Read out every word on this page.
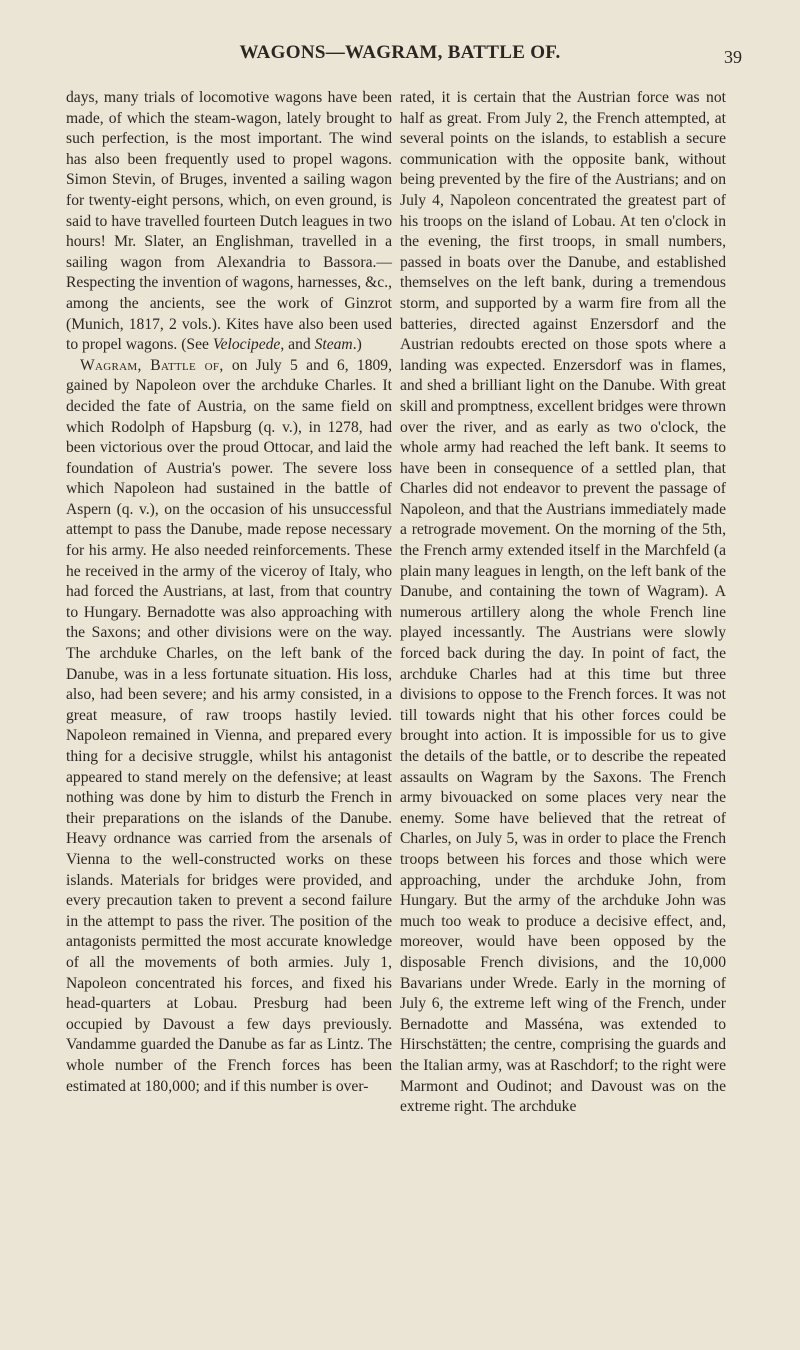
WAGONS—WAGRAM, BATTLE OF.	39

days, many trials of locomotive wagons have been made, of which the steam-wagon, lately brought to such perfection, is the most important. The wind has also been frequently used to propel wagons. Simon Stevin, of Bruges, invented a sailing wagon for twenty-eight persons, which, on even ground, is said to have travelled fourteen Dutch leagues in two hours! Mr. Slater, an Englishman, travelled in a sailing wagon from Alexandria to Bassora.—Respecting the invention of wagons, harnesses, &c., among the ancients, see the work of Ginzrot (Munich, 1817, 2 vols.). Kites have also been used to propel wagons. (See Velocipede, and Steam.)

Wagram, Battle of, on July 5 and 6, 1809, gained by Napoleon over the archduke Charles. It decided the fate of Austria, on the same field on which Rodolph of Hapsburg (q. v.), in 1278, had been victorious over the proud Ottocar, and laid the foundation of Austria's power. The severe loss which Napoleon had sustained in the battle of Aspern (q. v.), on the occasion of his unsuccessful attempt to pass the Danube, made repose necessary for his army. He also needed reinforcements. These he received in the army of the viceroy of Italy, who had forced the Austrians, at last, from that country to Hungary. Bernadotte was also approaching with the Saxons; and other divisions were on the way. The archduke Charles, on the left bank of the Danube, was in a less fortunate situation. His loss, also, had been severe; and his army consisted, in a great measure, of raw troops hastily levied. Napoleon remained in Vienna, and prepared every thing for a decisive struggle, whilst his antagonist appeared to stand merely on the defensive; at least nothing was done by him to disturb the French in their preparations on the islands of the Danube. Heavy ordnance was carried from the arsenals of Vienna to the well-constructed works on these islands. Materials for bridges were provided, and every precaution taken to prevent a second failure in the attempt to pass the river. The position of the antagonists permitted the most accurate knowledge of all the movements of both armies. July 1, Napoleon concentrated his forces, and fixed his head-quarters at Lobau. Presburg had been occupied by Davoust a few days previously. Vandamme guarded the Danube as far as Lintz. The whole number of the French forces has been estimated at 180,000; and if this number is over-

rated, it is certain that the Austrian force was not half as great. From July 2, the French attempted, at several points on the islands, to establish a secure communication with the opposite bank, without being prevented by the fire of the Austrians; and on July 4, Napoleon concentrated the greatest part of his troops on the island of Lobau. At ten o'clock in the evening, the first troops, in small numbers, passed in boats over the Danube, and established themselves on the left bank, during a tremendous storm, and supported by a warm fire from all the batteries, directed against Enzersdorf and the Austrian redoubts erected on those spots where a landing was expected. Enzersdorf was in flames, and shed a brilliant light on the Danube. With great skill and promptness, excellent bridges were thrown over the river, and as early as two o'clock, the whole army had reached the left bank. It seems to have been in consequence of a settled plan, that Charles did not endeavor to prevent the passage of Napoleon, and that the Austrians immediately made a retrograde movement. On the morning of the 5th, the French army extended itself in the Marchfeld (a plain many leagues in length, on the left bank of the Danube, and containing the town of Wagram). A numerous artillery along the whole French line played incessantly. The Austrians were slowly forced back during the day. In point of fact, the archduke Charles had at this time but three divisions to oppose to the French forces. It was not till towards night that his other forces could be brought into action. It is impossible for us to give the details of the battle, or to describe the repeated assaults on Wagram by the Saxons. The French army bivouacked on some places very near the enemy. Some have believed that the retreat of Charles, on July 5, was in order to place the French troops between his forces and those which were approaching, under the archduke John, from Hungary. But the army of the archduke John was much too weak to produce a decisive effect, and, moreover, would have been opposed by the disposable French divisions, and the 10,000 Bavarians under Wrede. Early in the morning of July 6, the extreme left wing of the French, under Bernadotte and Masséna, was extended to Hirschstätten; the centre, comprising the guards and the Italian army, was at Raschdorf; to the right were Marmont and Oudinot; and Davoust was on the extreme right. The archduke
